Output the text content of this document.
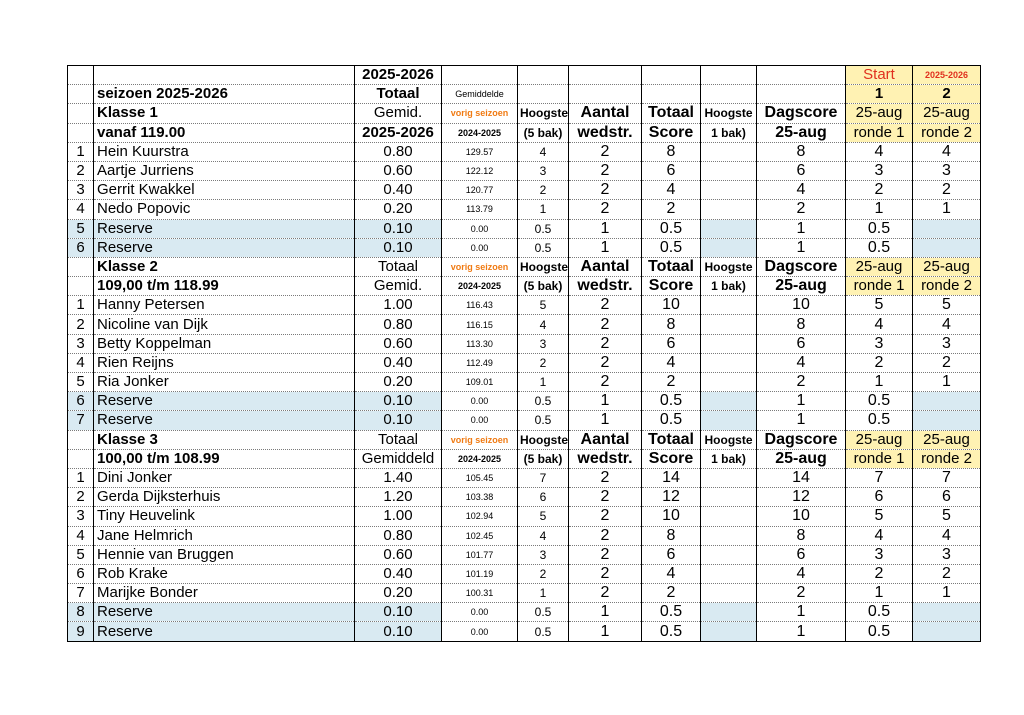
		2025-2026							Start	2025-2026
	seizoen 2025-2026	Totaal	Gemiddelde						1	2
	Klasse 1	Gemid.	vorig seizoen	Hoogste	Aantal	Totaal	Hoogste	Dagscore	25-aug	25-aug
	vanaf 119.00	2025-2026	2024-2025	(5 bak)	wedstr.	Score	1 bak)	25-aug	ronde 1	ronde 2
1	Hein Kuurstra	0.80	129.57	4	2	8		8	4	4
2	Aartje Jurriens	0.60	122.12	3	2	6		6	3	3
3	Gerrit Kwakkel	0.40	120.77	2	2	4		4	2	2
4	Nedo Popovic	0.20	113.79	1	2	2		2	1	1
5	Reserve	0.10	0.00	0.5	1	0.5		1	0.5	
6	Reserve	0.10	0.00	0.5	1	0.5		1	0.5	
	Klasse 2	Totaal	vorig seizoen	Hoogste	Aantal	Totaal	Hoogste	Dagscore	25-aug	25-aug
	109,00 t/m 118.99	Gemid.	2024-2025	(5 bak)	wedstr.	Score	1 bak)	25-aug	ronde 1	ronde 2
1	Hanny Petersen	1.00	116.43	5	2	10		10	5	5
2	Nicoline van Dijk	0.80	116.15	4	2	8		8	4	4
3	Betty Koppelman	0.60	113.30	3	2	6		6	3	3
4	Rien Reijns	0.40	112.49	2	2	4		4	2	2
5	Ria Jonker	0.20	109.01	1	2	2		2	1	1
6	Reserve	0.10	0.00	0.5	1	0.5		1	0.5	
7	Reserve	0.10	0.00	0.5	1	0.5		1	0.5	
	Klasse 3	Totaal	vorig seizoen	Hoogste	Aantal	Totaal	Hoogste	Dagscore	25-aug	25-aug
	100,00 t/m 108.99	Gemiddeld	2024-2025	(5 bak)	wedstr.	Score	1 bak)	25-aug	ronde 1	ronde 2
1	Dini Jonker	1.40	105.45	7	2	14		14	7	7
2	Gerda Dijksterhuis	1.20	103.38	6	2	12		12	6	6
3	Tiny Heuvelink	1.00	102.94	5	2	10		10	5	5
4	Jane Helmrich	0.80	102.45	4	2	8		8	4	4
5	Hennie van Bruggen	0.60	101.77	3	2	6		6	3	3
6	Rob Krake	0.40	101.19	2	2	4		4	2	2
7	Marijke Bonder	0.20	100.31	1	2	2		2	1	1
8	Reserve	0.10	0.00	0.5	1	0.5		1	0.5	
9	Reserve	0.10	0.00	0.5	1	0.5		1	0.5	
